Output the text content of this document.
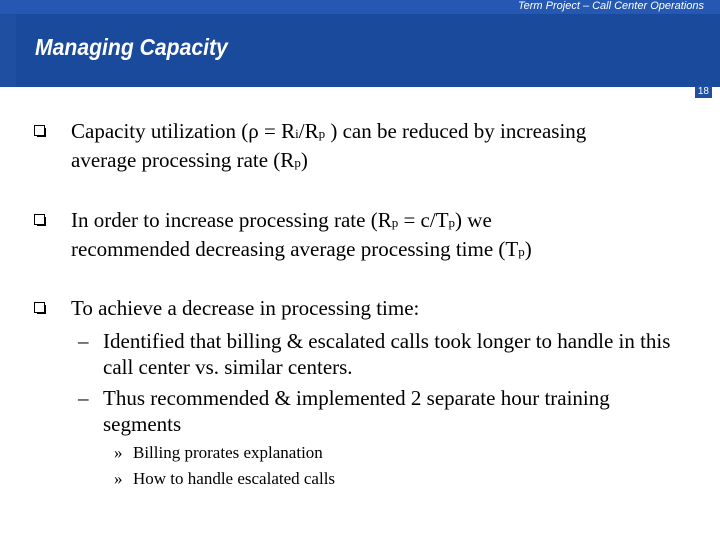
Term Project – Call Center Operations
Managing Capacity
18
Capacity utilization (ρ = Ri/Rp ) can be reduced by increasing
average processing rate (Rp)
In order to increase processing rate (Rp = c/Tp) we
recommended decreasing average processing time (Tp)
To achieve a decrease in processing time:
– Identified that billing & escalated calls took longer to handle in this call center vs. similar centers.
– Thus recommended & implemented 2 separate hour training segments
» Billing prorates explanation
» How to handle escalated calls
